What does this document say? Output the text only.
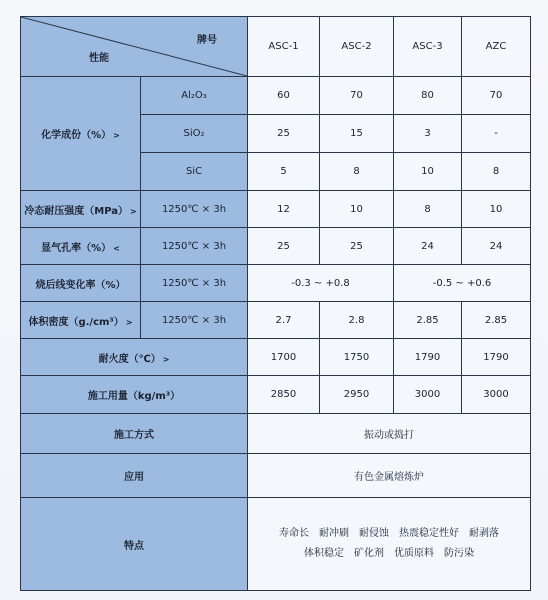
牌号
性能		ASC-1	ASC-2	ASC-3	AZC
化学成份（%） >	Al₂O₃	60	70	80	70
	SiO₂	25	15	3	-
	SiC	5	8	10	8
冷态耐压强度（MPa） >	1250℃ × 3h	12	10	8	10
显气孔率（%） <	1250℃ × 3h	25	25	24	24
烧后线变化率（%）	1250℃ × 3h	-0.3 ~ +0.8		-0.5 ~ +0.6	
体积密度（g./cm³） >	1250℃ × 3h	2.7	2.8	2.85	2.85
耐火度（℃） >		1700	1750	1790	1790
施工用量（kg/m³）		2850	2950	3000	3000
施工方式		振动或捣打			
应用		有色金属熔炼炉			
特点		寿命长　耐冲刷　耐侵蚀　热震稳定性好　耐剥落
体积稳定　矿化剂　优质原料　防污染			
